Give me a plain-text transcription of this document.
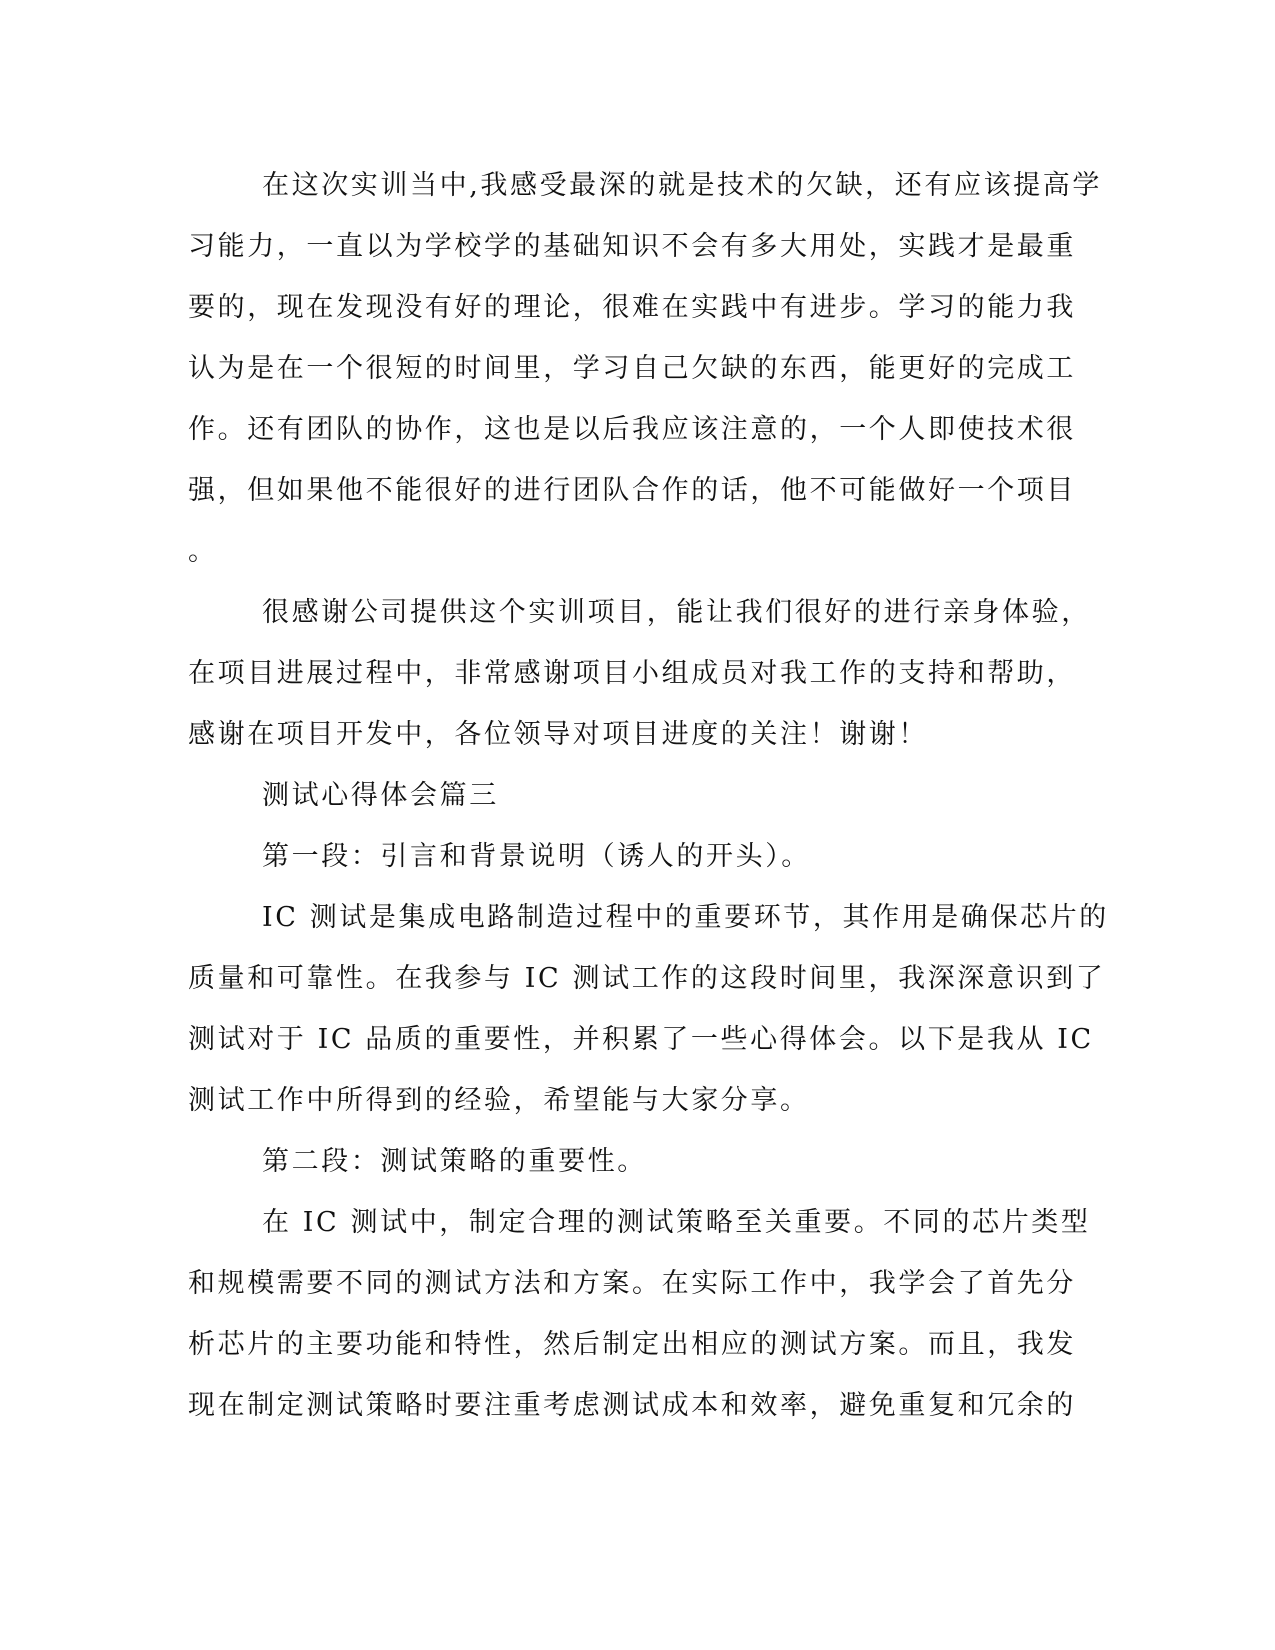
在这次实训当中,我感受最深的就是技术的欠缺，还有应该提高学
习能力，一直以为学校学的基础知识不会有多大用处，实践才是最重
要的，现在发现没有好的理论，很难在实践中有进步。学习的能力我
认为是在一个很短的时间里，学习自己欠缺的东西，能更好的完成工
作。还有团队的协作，这也是以后我应该注意的，一个人即使技术很
强，但如果他不能很好的进行团队合作的话，他不可能做好一个项目
。
很感谢公司提供这个实训项目，能让我们很好的进行亲身体验，
在项目进展过程中，非常感谢项目小组成员对我工作的支持和帮助，
感谢在项目开发中，各位领导对项目进度的关注！谢谢！
测试心得体会篇三
第一段：引言和背景说明（诱人的开头）。
IC 测试是集成电路制造过程中的重要环节，其作用是确保芯片的
质量和可靠性。在我参与 IC 测试工作的这段时间里，我深深意识到了
测试对于 IC 品质的重要性，并积累了一些心得体会。以下是我从 IC
测试工作中所得到的经验，希望能与大家分享。
第二段：测试策略的重要性。
在 IC 测试中，制定合理的测试策略至关重要。不同的芯片类型
和规模需要不同的测试方法和方案。在实际工作中，我学会了首先分
析芯片的主要功能和特性，然后制定出相应的测试方案。而且，我发
现在制定测试策略时要注重考虑测试成本和效率，避免重复和冗余的
